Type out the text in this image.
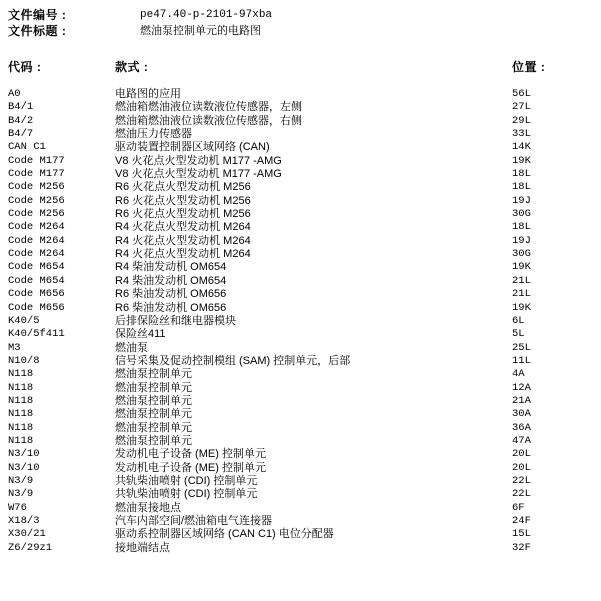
文件编号 :	pe47.40-p-2101-97xba
文件标题 :	燃油泵控制单元的电路图
代码 :	款式 :	位置 :
A0	电路图的应用	56L
B4/1	燃油箱燃油液位读数液位传感器，左侧	27L
B4/2	燃油箱燃油液位读数液位传感器，右侧	29L
B4/7	燃油压力传感器	33L
CAN C1	驱动装置控制器区域网络 (CAN)	14K
Code M177	V8 火花点火型发动机 M177 -AMG	19K
Code M177	V8 火花点火型发动机 M177 -AMG	18L
Code M256	R6 火花点火型发动机 M256	18L
Code M256	R6 火花点火型发动机 M256	19J
Code M256	R6 火花点火型发动机 M256	30G
Code M264	R4 火花点火型发动机 M264	18L
Code M264	R4 火花点火型发动机 M264	19J
Code M264	R4 火花点火型发动机 M264	30G
Code M654	R4 柴油发动机 OM654	19K
Code M654	R4 柴油发动机 OM654	21L
Code M656	R6 柴油发动机 OM656	21L
Code M656	R6 柴油发动机 OM656	19K
K40/5	后排保险丝和继电器模块	6L
K40/5f411	保险丝411	5L
M3	燃油泵	25L
N10/8	信号采集及促动控制模组 (SAM) 控制单元，后部	11L
N118	燃油泵控制单元	4A
N118	燃油泵控制单元	12A
N118	燃油泵控制单元	21A
N118	燃油泵控制单元	30A
N118	燃油泵控制单元	36A
N118	燃油泵控制单元	47A
N3/10	发动机电子设备 (ME) 控制单元	20L
N3/10	发动机电子设备 (ME) 控制单元	20L
N3/9	共轨柴油喷射 (CDI) 控制单元	22L
N3/9	共轨柴油喷射 (CDI) 控制单元	22L
W76	燃油泵接地点	6F
X18/3	汽车内部空间/燃油箱电气连接器	24F
X30/21	驱动系控制器区域网络 (CAN C1) 电位分配器	15L
Z6/29z1	接地端结点	32F
